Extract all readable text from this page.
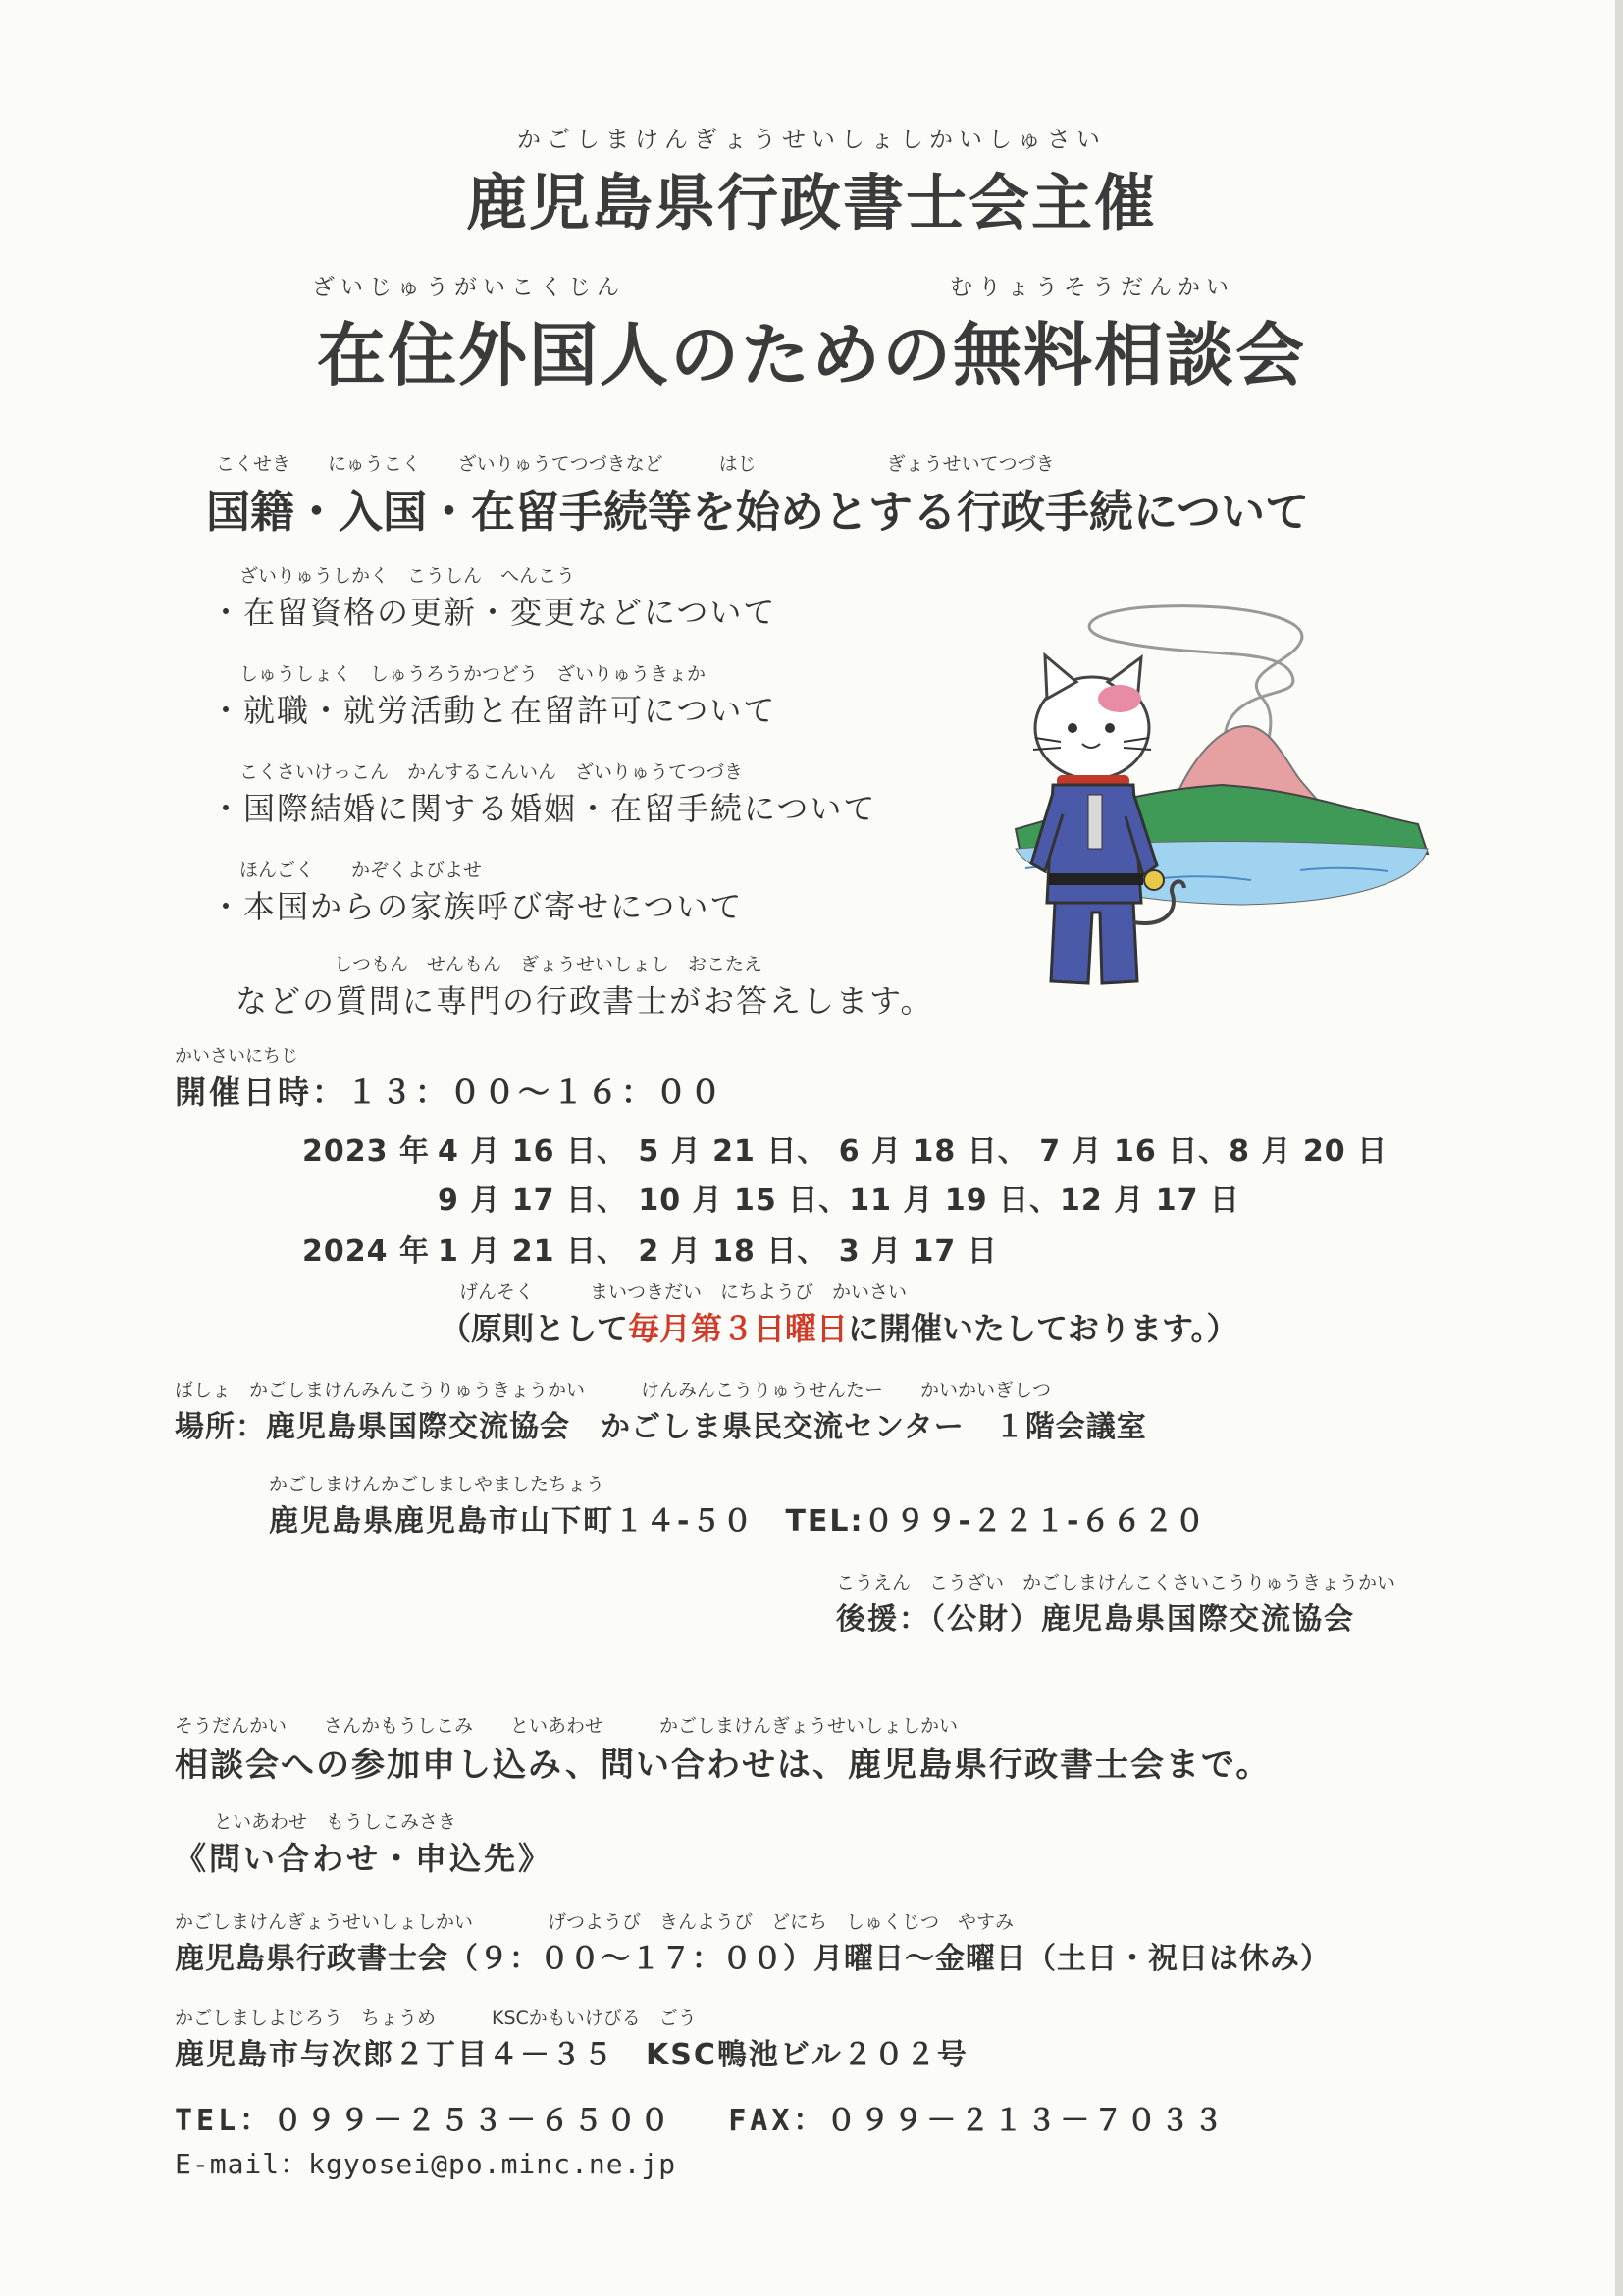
かごしまけんぎょうせいしょしかいしゅさい
鹿児島県行政書士会主催
ざいじゅうがいこくじん	むりょうそうだんかい
在住外国人のための無料相談会
こくせき　　にゅうこく　　ざいりゅうてつづきなど　　　はじ　　　　　　　ぎょうせいてつづき
国籍・入国・在留手続等を始めとする行政手続について
ざいりゅうしかく　こうしん　へんこう
・在留資格の更新・変更などについて
しゅうしょく　しゅうろうかつどう　ざいりゅうきょか
・就職・就労活動と在留許可について
こくさいけっこん　かんするこんいん　ざいりゅうてつづき
・国際結婚に関する婚姻・在留手続について
ほんごく　　かぞくよびよせ
・本国からの家族呼び寄せについて
しつもん　せんもん　ぎょうせいしょし　おこたえ
などの質問に専門の行政書士がお答えします。
かいさいにちじ
開催日時：１３：００～１６：００
2023 年 4 月 16 日、 5 月 21 日、 6 月 18 日、 7 月 16 日、8 月 20 日
9 月 17 日、 10 月 15 日、11 月 19 日、12 月 17 日
2024 年 1 月 21 日、 2 月 18 日、 3 月 17 日
げんそく　　　まいつきだい　にちようび　かいさい
（原則として毎月第３日曜日に開催いたしております。）
ばしょ　かごしまけんみんこうりゅうきょうかい　　　けんみんこうりゅうせんたー　　かいかいぎしつ
場所：鹿児島県国際交流協会　かごしま県民交流センター　１階会議室
かごしまけんかごしましやましたちょう
鹿児島県鹿児島市山下町１４-５０　TEL:０９９-２２１-６６２０
こうえん　こうざい　かごしまけんこくさいこうりゅうきょうかい
後援：（公財）鹿児島県国際交流協会
そうだんかい　　さんかもうしこみ　　といあわせ　　　かごしまけんぎょうせいしょしかい
相談会への参加申し込み、問い合わせは、鹿児島県行政書士会まで。
といあわせ　もうしこみさき
《問い合わせ・申込先》
かごしまけんぎょうせいしょしかい　　　　げつようび　きんようび　どにち　しゅくじつ　やすみ
鹿児島県行政書士会（９：００～１７：００）月曜日～金曜日（土日・祝日は休み）
かごしましよじろう　ちょうめ　　　KSCかもいけびる　ごう
鹿児島市与次郎２丁目４－３５　KSC鴨池ビル２０２号
TEL：０９９－２５３－６５００　 FAX：０９９－２１３－７０３３
E-mail：kgyosei@po.minc.ne.jp
